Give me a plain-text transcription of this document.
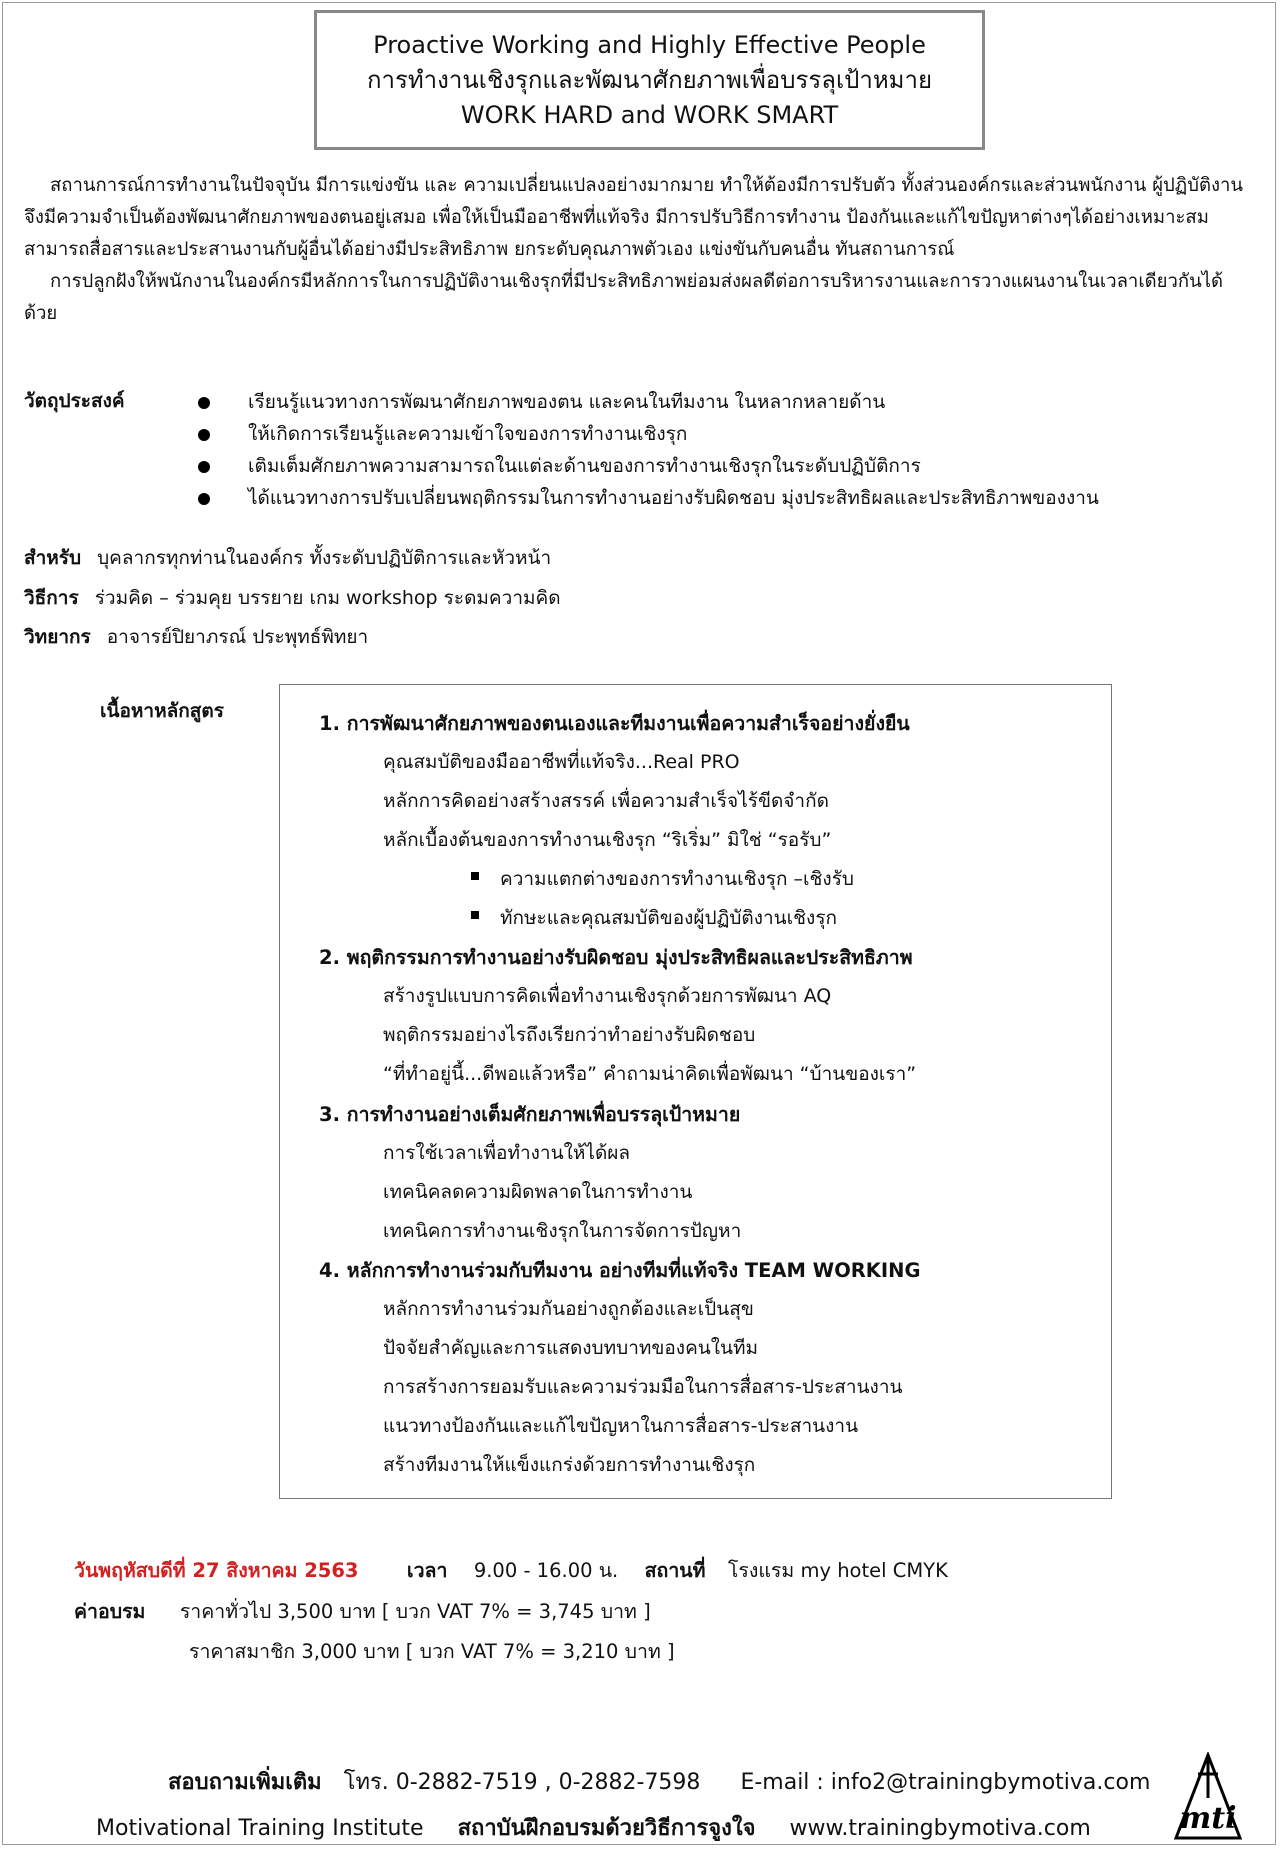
Proactive Working and Highly Effective People
การทำงานเชิงรุกและพัฒนาศักยภาพเพื่อบรรลุเป้าหมาย
WORK HARD and WORK SMART

สถานการณ์การทำงานในปัจจุบัน มีการแข่งขัน และ ความเปลี่ยนแปลงอย่างมากมาย ทำให้ต้องมีการปรับตัว ทั้งส่วนองค์กรและส่วนพนักงาน ผู้ปฏิบัติงานจึงมีความจำเป็นต้องพัฒนาศักยภาพของตนอยู่เสมอ เพื่อให้เป็นมืออาชีพที่แท้จริง มีการปรับวิธีการทำงาน ป้องกันและแก้ไขปัญหาต่างๆได้อย่างเหมาะสม สามารถสื่อสารและประสานงานกับผู้อื่นได้อย่างมีประสิทธิภาพ ยกระดับคุณภาพตัวเอง แข่งขันกับคนอื่น ทันสถานการณ์

การปลูกฝังให้พนักงานในองค์กรมีหลักการในการปฏิบัติงานเชิงรุกที่มีประสิทธิภาพย่อมส่งผลดีต่อการบริหารงานและการวางแผนงานในเวลาเดียวกันได้ด้วย

วัตถุประสงค์	เรียนรู้แนวทางการพัฒนาศักยภาพของตน และคนในทีมงาน ในหลากหลายด้าน
ให้เกิดการเรียนรู้และความเข้าใจของการทำงานเชิงรุก
เติมเต็มศักยภาพความสามารถในแต่ละด้านของการทำงานเชิงรุกในระดับปฏิบัติการ
ได้แนวทางการปรับเปลี่ยนพฤติกรรมในการทำงานอย่างรับผิดชอบ มุ่งประสิทธิผลและประสิทธิภาพของงาน
สำหรับ บุคลากรทุกท่านในองค์กร ทั้งระดับปฏิบัติการและหัวหน้า
วิธีการ ร่วมคิด – ร่วมคุย บรรยาย เกม workshop ระดมความคิด
วิทยากร อาจารย์ปิยาภรณ์ ประพุทธ์พิทยา
เนื้อหาหลักสูตร
1. การพัฒนาศักยภาพของตนเองและทีมงานเพื่อความสำเร็จอย่างยั่งยืน
คุณสมบัติของมืออาชีพที่แท้จริง...Real PRO
หลักการคิดอย่างสร้างสรรค์ เพื่อความสำเร็จไร้ขีดจำกัด
หลักเบื้องต้นของการทำงานเชิงรุก “ริเริ่ม” มิใช่ “รอรับ”
ความแตกต่างของการทำงานเชิงรุก –เชิงรับ
ทักษะและคุณสมบัติของผู้ปฏิบัติงานเชิงรุก
2. พฤติกรรมการทำงานอย่างรับผิดชอบ มุ่งประสิทธิผลและประสิทธิภาพ
สร้างรูปแบบการคิดเพื่อทำงานเชิงรุกด้วยการพัฒนา AQ
พฤติกรรมอย่างไรถึงเรียกว่าทำอย่างรับผิดชอบ
“ที่ทำอยู่นี้...ดีพอแล้วหรือ” คำถามน่าคิดเพื่อพัฒนา “บ้านของเรา”
3. การทำงานอย่างเต็มศักยภาพเพื่อบรรลุเป้าหมาย
การใช้เวลาเพื่อทำงานให้ได้ผล
เทคนิคลดความผิดพลาดในการทำงาน
เทคนิคการทำงานเชิงรุกในการจัดการปัญหา
4. หลักการทำงานร่วมกับทีมงาน อย่างทีมที่แท้จริง TEAM WORKING
หลักการทำงานร่วมกันอย่างถูกต้องและเป็นสุข
ปัจจัยสำคัญและการแสดงบทบาทของคนในทีม
การสร้างการยอมรับและความร่วมมือในการสื่อสาร-ประสานงาน
แนวทางป้องกันและแก้ไขปัญหาในการสื่อสาร-ประสานงาน
สร้างทีมงานให้แข็งแกร่งด้วยการทำงานเชิงรุก
วันพฤหัสบดีที่ 27 สิงหาคม 2563 เวลา 9.00 - 16.00 น. สถานที่ โรงแรม my hotel CMYK
ค่าอบรม ราคาทั่วไป 3,500 บาท [ บวก VAT 7% = 3,745 บาท ]
ราคาสมาชิก 3,000 บาท [ บวก VAT 7% = 3,210 บาท ]
สอบถามเพิ่มเติม โทร. 0-2882-7519 , 0-2882-7598 E-mail : info2@trainingbymotiva.com
Motivational Training Institute สถาบันฝึกอบรมด้วยวิธีการจูงใจ www.trainingbymotiva.com	mti
